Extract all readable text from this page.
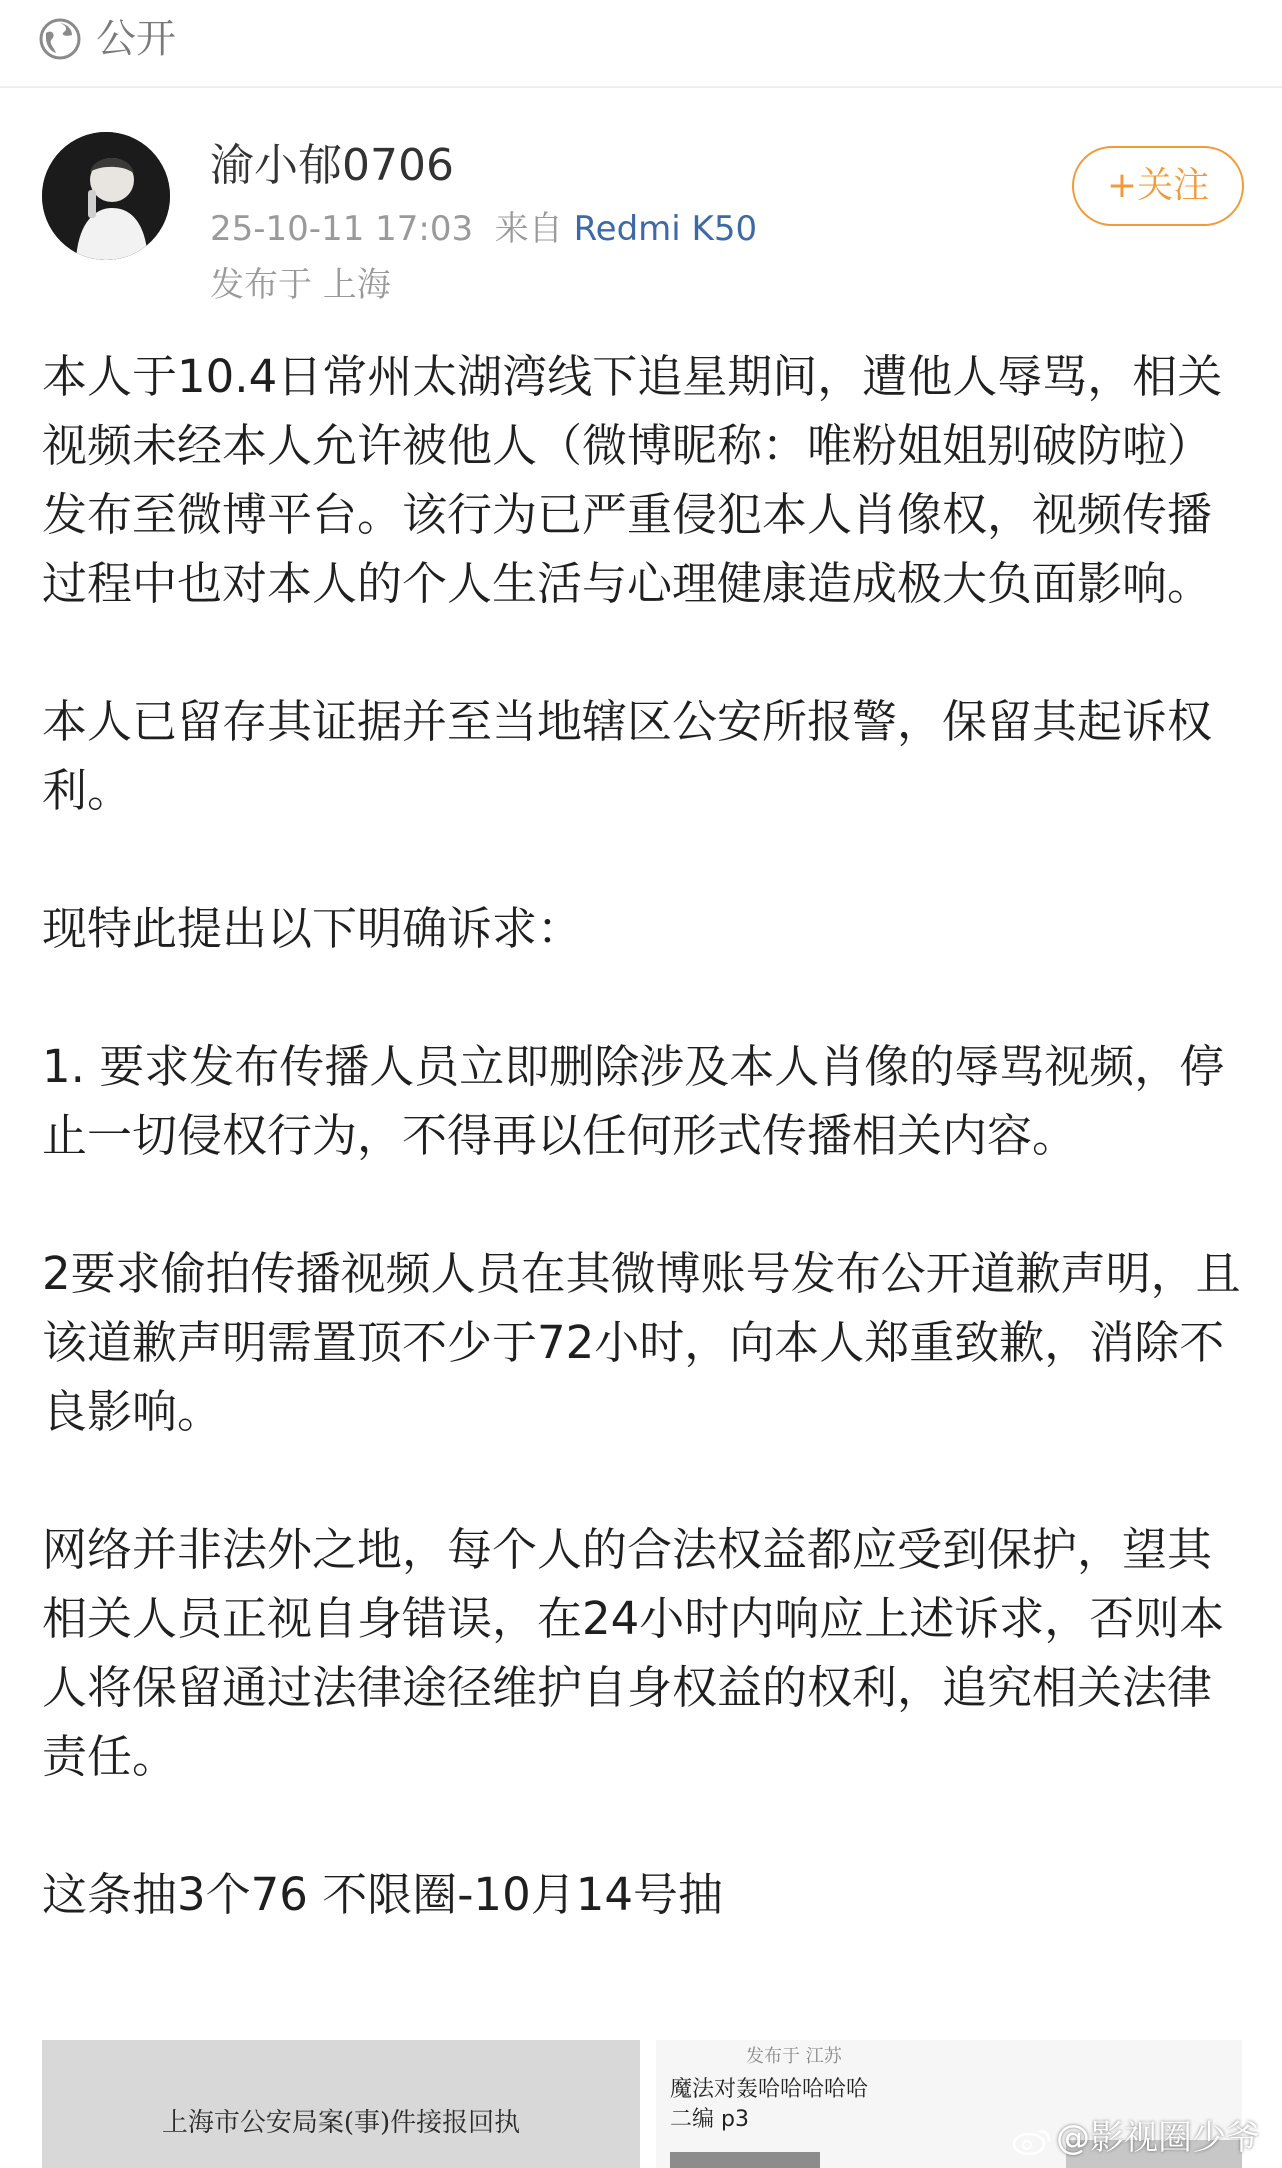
公开
渝小郁0706
25-10-11 17:03 来自 Redmi K50
发布于 上海
+关注

本人于10.4日常州太湖湾线下追星期间，遭他人辱骂，相关视频未经本人允许被他人（微博昵称：唯粉姐姐别破防啦）发布至微博平台。该行为已严重侵犯本人肖像权，视频传播过程中也对本人的个人生活与心理健康造成极大负面影响。

本人已留存其证据并至当地辖区公安所报警，保留其起诉权利。

现特此提出以下明确诉求：

1. 要求发布传播人员立即删除涉及本人肖像的辱骂视频，停止一切侵权行为，不得再以任何形式传播相关内容。

2要求偷拍传播视频人员在其微博账号发布公开道歉声明，且该道歉声明需置顶不少于72小时，向本人郑重致歉，消除不良影响。

网络并非法外之地，每个人的合法权益都应受到保护，望其相关人员正视自身错误，在24小时内响应上述诉求，否则本人将保留通过法律途径维护自身权益的权利，追究相关法律责任。

这条抽3个76 不限圈-10月14号抽

上海市公安局案(事)件接报回执
发布于 江苏
魔法对轰哈哈哈哈哈
二编 p3	@影视圈少爷
